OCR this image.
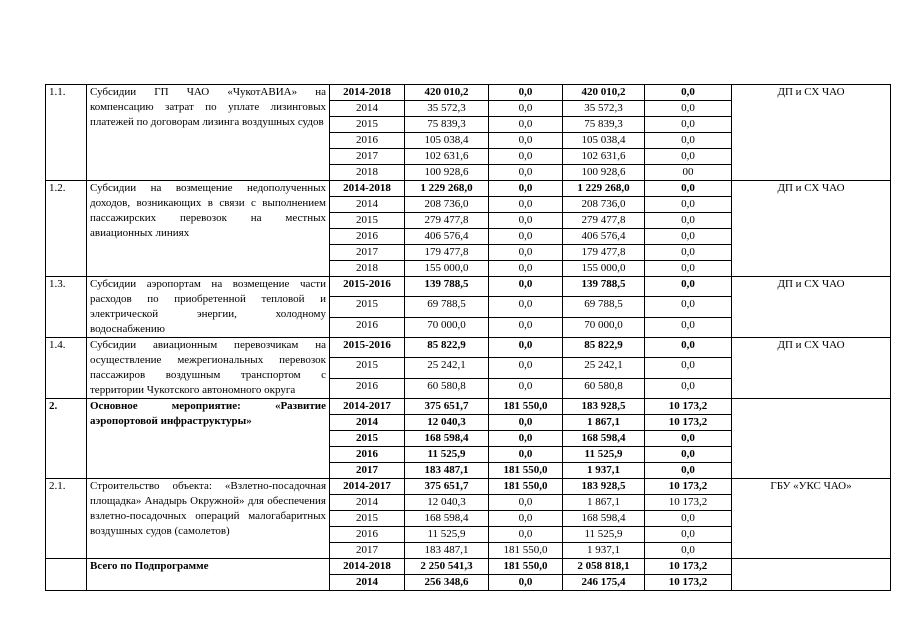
1.1.	Субсидии ГП ЧАО «ЧукотАВИА» на компенсацию затрат по уплате лизинговых платежей по договорам лизинга воздушных судов	2014-2018	420 010,2	0,0	420 010,2	0,0	ДП и СХ ЧАО
		2014	35 572,3	0,0	35 572,3	0,0	
		2015	75 839,3	0,0	75 839,3	0,0	
		2016	105 038,4	0,0	105 038,4	0,0	
		2017	102 631,6	0,0	102 631,6	0,0	
		2018	100 928,6	0,0	100 928,6	00	
1.2.	Субсидии на возмещение недополученных доходов, возникающих в связи с выполнением пассажирских перевозок на местных авиационных линиях	2014-2018	1 229 268,0	0,0	1 229 268,0	0,0	ДП и СХ ЧАО
		2014	208 736,0	0,0	208 736,0	0,0	
		2015	279 477,8	0,0	279 477,8	0,0	
		2016	406 576,4	0,0	406 576,4	0,0	
		2017	179 477,8	0,0	179 477,8	0,0	
		2018	155 000,0	0,0	155 000,0	0,0	
1.3.	Субсидии аэропортам на возмещение части расходов по приобретенной тепловой и электрической энергии, холодному водоснабжению	2015-2016	139 788,5	0,0	139 788,5	0,0	ДП и СХ ЧАО
		2015	69 788,5	0,0	69 788,5	0,0	
		2016	70 000,0	0,0	70 000,0	0,0	
1.4.	Субсидии авиационным перевозчикам на осуществление межрегиональных перевозок пассажиров воздушным транспортом с территории Чукотского автономного округа	2015-2016	85 822,9	0,0	85 822,9	0,0	ДП и СХ ЧАО
		2015	25 242,1	0,0	25 242,1	0,0	
		2016	60 580,8	0,0	60 580,8	0,0	
2.	Основное мероприятие: «Развитие аэропортовой инфраструктуры»	2014-2017	375 651,7	181 550,0	183 928,5	10 173,2	
		2014	12 040,3	0,0	1 867,1	10 173,2	
		2015	168 598,4	0,0	168 598,4	0,0	
		2016	11 525,9	0,0	11 525,9	0,0	
		2017	183 487,1	181 550,0	1 937,1	0,0	
2.1.	Строительство объекта: «Взлетно-посадочная площадка» Анадырь Окружной» для обеспечения взлетно-посадочных операций малогабаритных воздушных судов (самолетов)	2014-2017	375 651,7	181 550,0	183 928,5	10 173,2	ГБУ «УКС ЧАО»
		2014	12 040,3	0,0	1 867,1	10 173,2	
		2015	168 598,4	0,0	168 598,4	0,0	
		2016	11 525,9	0,0	11 525,9	0,0	
		2017	183 487,1	181 550,0	1 937,1	0,0	
	Всего по Подпрограмме	2014-2018	2 250 541,3	181 550,0	2 058 818,1	10 173,2	
		2014	256 348,6	0,0	246 175,4	10 173,2	
